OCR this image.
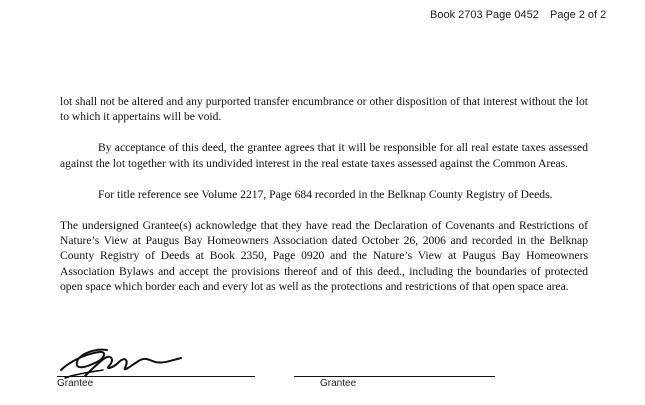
Book 2703 Page 0452 Page 2 of 2

lot shall not be altered and any purported transfer encumbrance or other disposition of that interest without the lot to which it appertains will be void.

By acceptance of this deed, the grantee agrees that it will be responsible for all real estate taxes assessed against the lot together with its undivided interest in the real estate taxes assessed against the Common Areas.

For title reference see Volume 2217, Page 684 recorded in the Belknap County Registry of Deeds.

The undersigned Grantee(s) acknowledge that they have read the Declaration of Covenants and Restrictions of Nature’s View at Paugus Bay Homeowners Association dated October 26, 2006 and recorded in the Belknap County Registry of Deeds at Book 2350, Page 0920 and the Nature’s View at Paugus Bay Homeowners Association Bylaws and accept the provisions thereof and of this deed., including the boundaries of protected open space which border each and every lot as well as the protections and restrictions of that open space area.

Grantee	Grantee
